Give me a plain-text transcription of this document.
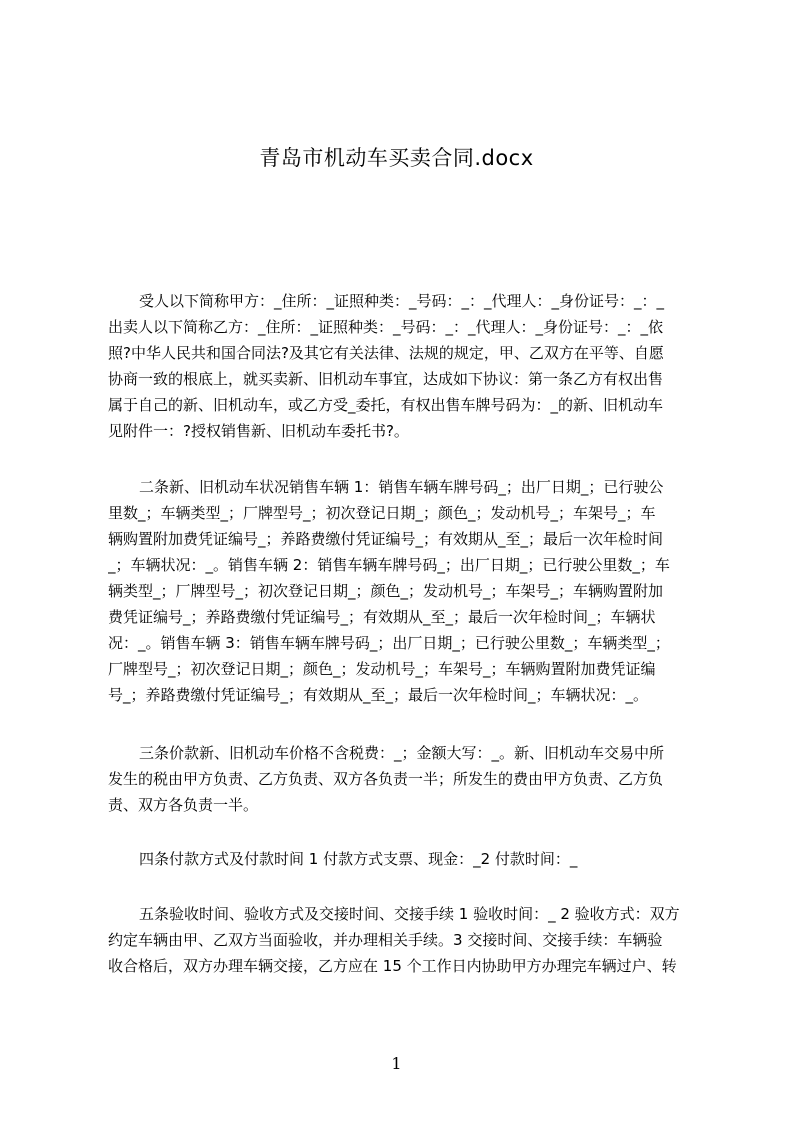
青岛市机动车买卖合同.docx
受人以下简称甲方：_住所：_证照种类：_号码：_：_代理人：_身份证号：_：_
出卖人以下简称乙方：_住所：_证照种类：_号码：_：_代理人：_身份证号：_：_依
照?中华人民共和国合同法?及其它有关法律、法规的规定，甲、乙双方在平等、自愿
协商一致的根底上，就买卖新、旧机动车事宜，达成如下协议：第一条乙方有权出售
属于自己的新、旧机动车，或乙方受_委托，有权出售车牌号码为：_的新、旧机动车
见附件一：?授权销售新、旧机动车委托书?。
二条新、旧机动车状况销售车辆 1：销售车辆车牌号码_；出厂日期_；已行驶公
里数_；车辆类型_；厂牌型号_；初次登记日期_；颜色_；发动机号_；车架号_；车
辆购置附加费凭证编号_；养路费缴付凭证编号_；有效期从_至_；最后一次年检时间
_；车辆状况：_。销售车辆 2：销售车辆车牌号码_；出厂日期_；已行驶公里数_；车
辆类型_；厂牌型号_；初次登记日期_；颜色_；发动机号_；车架号_；车辆购置附加
费凭证编号_；养路费缴付凭证编号_；有效期从_至_；最后一次年检时间_；车辆状
况：_。销售车辆 3：销售车辆车牌号码_；出厂日期_；已行驶公里数_；车辆类型_；
厂牌型号_；初次登记日期_；颜色_；发动机号_；车架号_；车辆购置附加费凭证编
号_；养路费缴付凭证编号_；有效期从_至_；最后一次年检时间_；车辆状况：_。
三条价款新、旧机动车价格不含税费：_；金额大写：_。新、旧机动车交易中所
发生的税由甲方负责、乙方负责、双方各负责一半；所发生的费由甲方负责、乙方负
责、双方各负责一半。
四条付款方式及付款时间 1 付款方式支票、现金：_2 付款时间：_
五条验收时间、验收方式及交接时间、交接手续 1 验收时间：_ 2 验收方式：双方
约定车辆由甲、乙双方当面验收，并办理相关手续。3 交接时间、交接手续：车辆验
收合格后，双方办理车辆交接，乙方应在 15 个工作日内协助甲方办理完车辆过户、转
1
